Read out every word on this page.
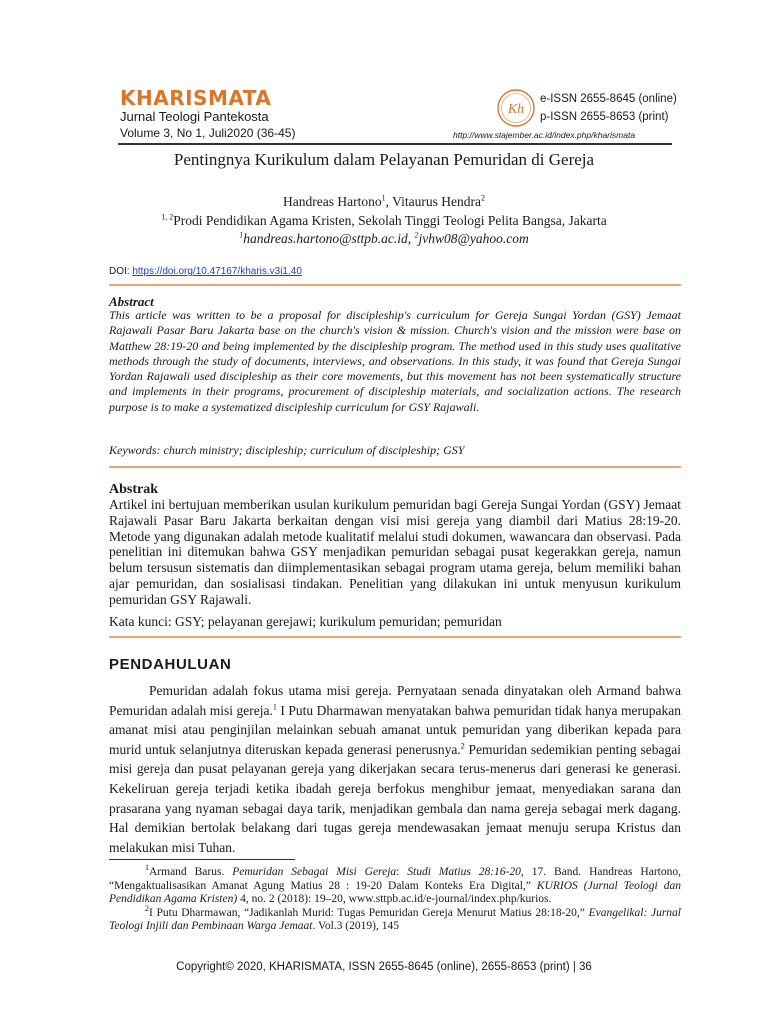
KHARISMATA
Jurnal Teologi Pantekosta
Volume 3, No 1, Juli2020 (36-45)
Kh
e-ISSN 2655-8645 (online)
p-ISSN 2655-8653 (print)
http://www.stajember.ac.id/index.php/kharismata
Pentingnya Kurikulum dalam Pelayanan Pemuridan di Gereja
Handreas Hartono$^1$, Vitaurus Hendra$^2$
$^{1, 2}$Prodi Pendidikan Agama Kristen, Sekolah Tinggi Teologi Pelita Bangsa, Jakarta
$^1$handreas.hartono@sttpb.ac.id, $^2$jvhw08@yahoo.com
DOI: https://doi.org/10.47167/kharis.v3i1.40
Abstract
This article was written to be a proposal for discipleship's curriculum for Gereja Sungai Yordan (GSY) Jemaat Rajawali Pasar Baru Jakarta base on the church's vision & mission. Church's vision and the mission were base on Matthew 28:19-20 and being implemented by the discipleship program. The method used in this study uses qualitative methods through the study of documents, interviews, and observations. In this study, it was found that Gereja Sungai Yordan Rajawali used discipleship as their core movements, but this movement has not been systematically structure and implements in their programs, procurement of discipleship materials, and socialization actions. The research purpose is to make a systematized discipleship curriculum for GSY Rajawali.
Keywords: church ministry; discipleship; curriculum of discipleship; GSY
Abstrak
Artikel ini bertujuan memberikan usulan kurikulum pemuridan bagi Gereja Sungai Yordan (GSY) Jemaat Rajawali Pasar Baru Jakarta berkaitan dengan visi misi gereja yang diambil dari Matius 28:19-20. Metode yang digunakan adalah metode kualitatif melalui studi dokumen, wawancara dan observasi. Pada penelitian ini ditemukan bahwa GSY menjadikan pemuridan sebagai pusat kegerakkan gereja, namun belum tersusun sistematis dan diimplementasikan sebagai program utama gereja, belum memiliki bahan ajar pemuridan, dan sosialisasi tindakan. Penelitian yang dilakukan ini untuk menyusun kurikulum pemuridan GSY Rajawali.
Kata kunci: GSY; pelayanan gerejawi; kurikulum pemuridan; pemuridan
PENDAHULUAN
Pemuridan adalah fokus utama misi gereja. Pernyataan senada dinyatakan oleh Armand bahwa Pemuridan adalah misi gereja.$^1$ I Putu Dharmawan menyatakan bahwa pemuridan tidak hanya merupakan amanat misi atau penginjilan melainkan sebuah amanat untuk pemuridan yang diberikan kepada para murid untuk selanjutnya diteruskan kepada generasi penerusnya.$^2$ Pemuridan sedemikian penting sebagai misi gereja dan pusat pelayanan gereja yang dikerjakan secara terus-menerus dari generasi ke generasi. Kekeliruan gereja terjadi ketika ibadah gereja berfokus menghibur jemaat, menyediakan sarana dan prasarana yang nyaman sebagai daya tarik, menjadikan gembala dan nama gereja sebagai merk dagang. Hal demikian bertolak belakang dari tugas gereja mendewasakan jemaat menuju serupa Kristus dan melakukan misi Tuhan.

$^1$Armand Barus. Pemuridan Sebagai Misi Gereja: Studi Matius 28:16-20, 17. Band. Handreas Hartono, “Mengaktualisasikan Amanat Agung Matius 28 : 19-20 Dalam Konteks Era Digital,” KURIOS (Jurnal Teologi dan Pendidikan Agama Kristen) 4, no. 2 (2018): 19–20, www.sttpb.ac.id/e-journal/index.php/kurios.

$^2$I Putu Dharmawan, “Jadikanlah Murid: Tugas Pemuridan Gereja Menurut Matius 28:18-20,” Evangelikal: Jurnal Teologi Injili dan Pembinaan Warga Jemaat. Vol.3 (2019), 145

Copyright© 2020, KHARISMATA, ISSN 2655-8645 (online), 2655-8653 (print) | 36
